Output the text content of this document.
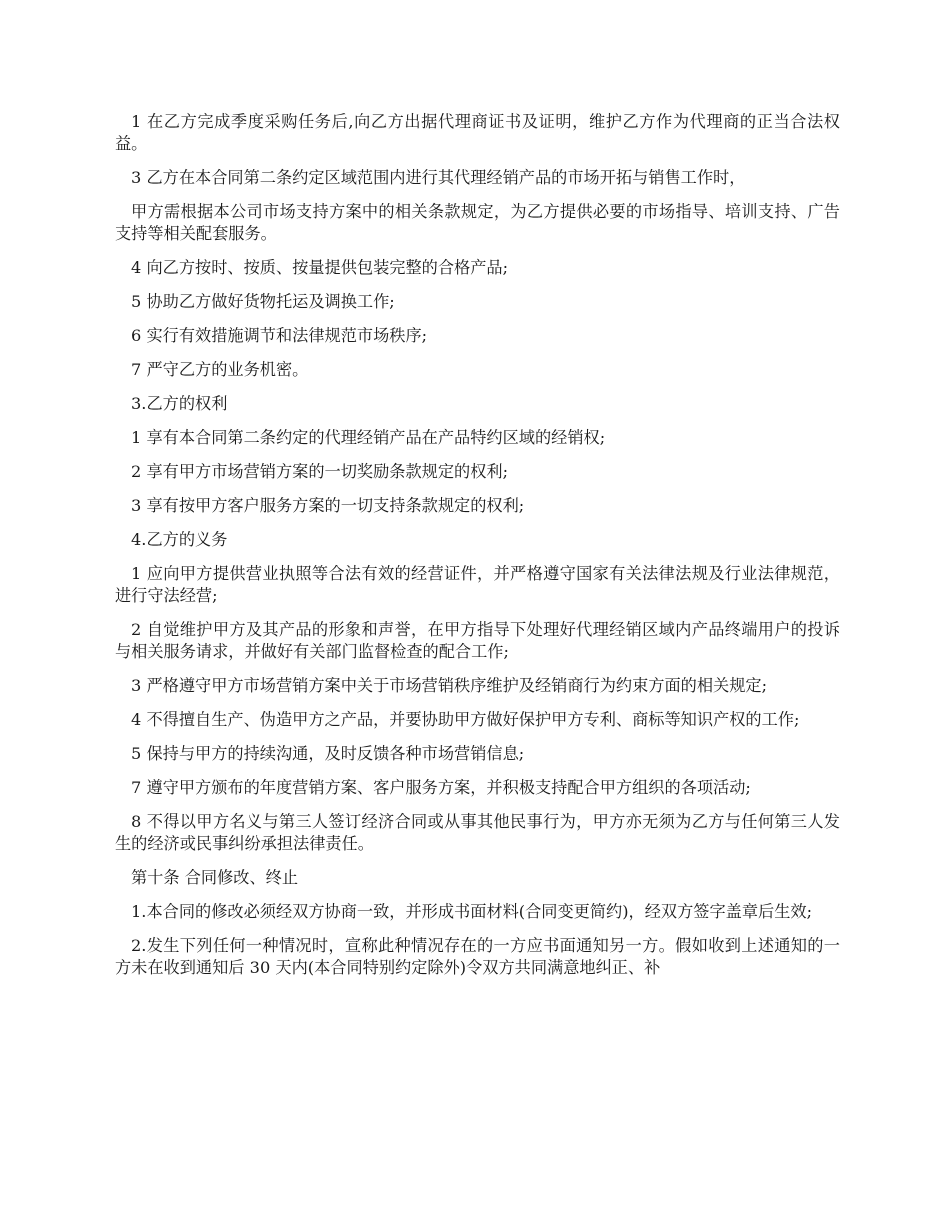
1 在乙方完成季度采购任务后,向乙方出据代理商证书及证明，维护乙方作为代理商的正当合法权益。

3 乙方在本合同第二条约定区域范围内进行其代理经销产品的市场开拓与销售工作时，

甲方需根据本公司市场支持方案中的相关条款规定，为乙方提供必要的市场指导、培训支持、广告支持等相关配套服务。

4 向乙方按时、按质、按量提供包装完整的合格产品;

5 协助乙方做好货物托运及调换工作;

6 实行有效措施调节和法律规范市场秩序;

7 严守乙方的业务机密。

3.乙方的权利

1 享有本合同第二条约定的代理经销产品在产品特约区域的经销权;

2 享有甲方市场营销方案的一切奖励条款规定的权利;

3 享有按甲方客户服务方案的一切支持条款规定的权利;

4.乙方的义务

1 应向甲方提供营业执照等合法有效的经营证件，并严格遵守国家有关法律法规及行业法律规范，进行守法经营;

2 自觉维护甲方及其产品的形象和声誉，在甲方指导下处理好代理经销区域内产品终端用户的投诉与相关服务请求，并做好有关部门监督检查的配合工作;

3 严格遵守甲方市场营销方案中关于市场营销秩序维护及经销商行为约束方面的相关规定;

4 不得擅自生产、伪造甲方之产品，并要协助甲方做好保护甲方专利、商标等知识产权的工作;

5 保持与甲方的持续沟通，及时反馈各种市场营销信息;

7 遵守甲方颁布的年度营销方案、客户服务方案，并积极支持配合甲方组织的各项活动;

8 不得以甲方名义与第三人签订经济合同或从事其他民事行为，甲方亦无须为乙方与任何第三人发生的经济或民事纠纷承担法律责任。

第十条 合同修改、终止

1.本合同的修改必须经双方协商一致，并形成书面材料(合同变更简约)，经双方签字盖章后生效;

2.发生下列任何一种情况时，宣称此种情况存在的一方应书面通知另一方。假如收到上述通知的一方未在收到通知后 30 天内(本合同特别约定除外)令双方共同满意地纠正、补
